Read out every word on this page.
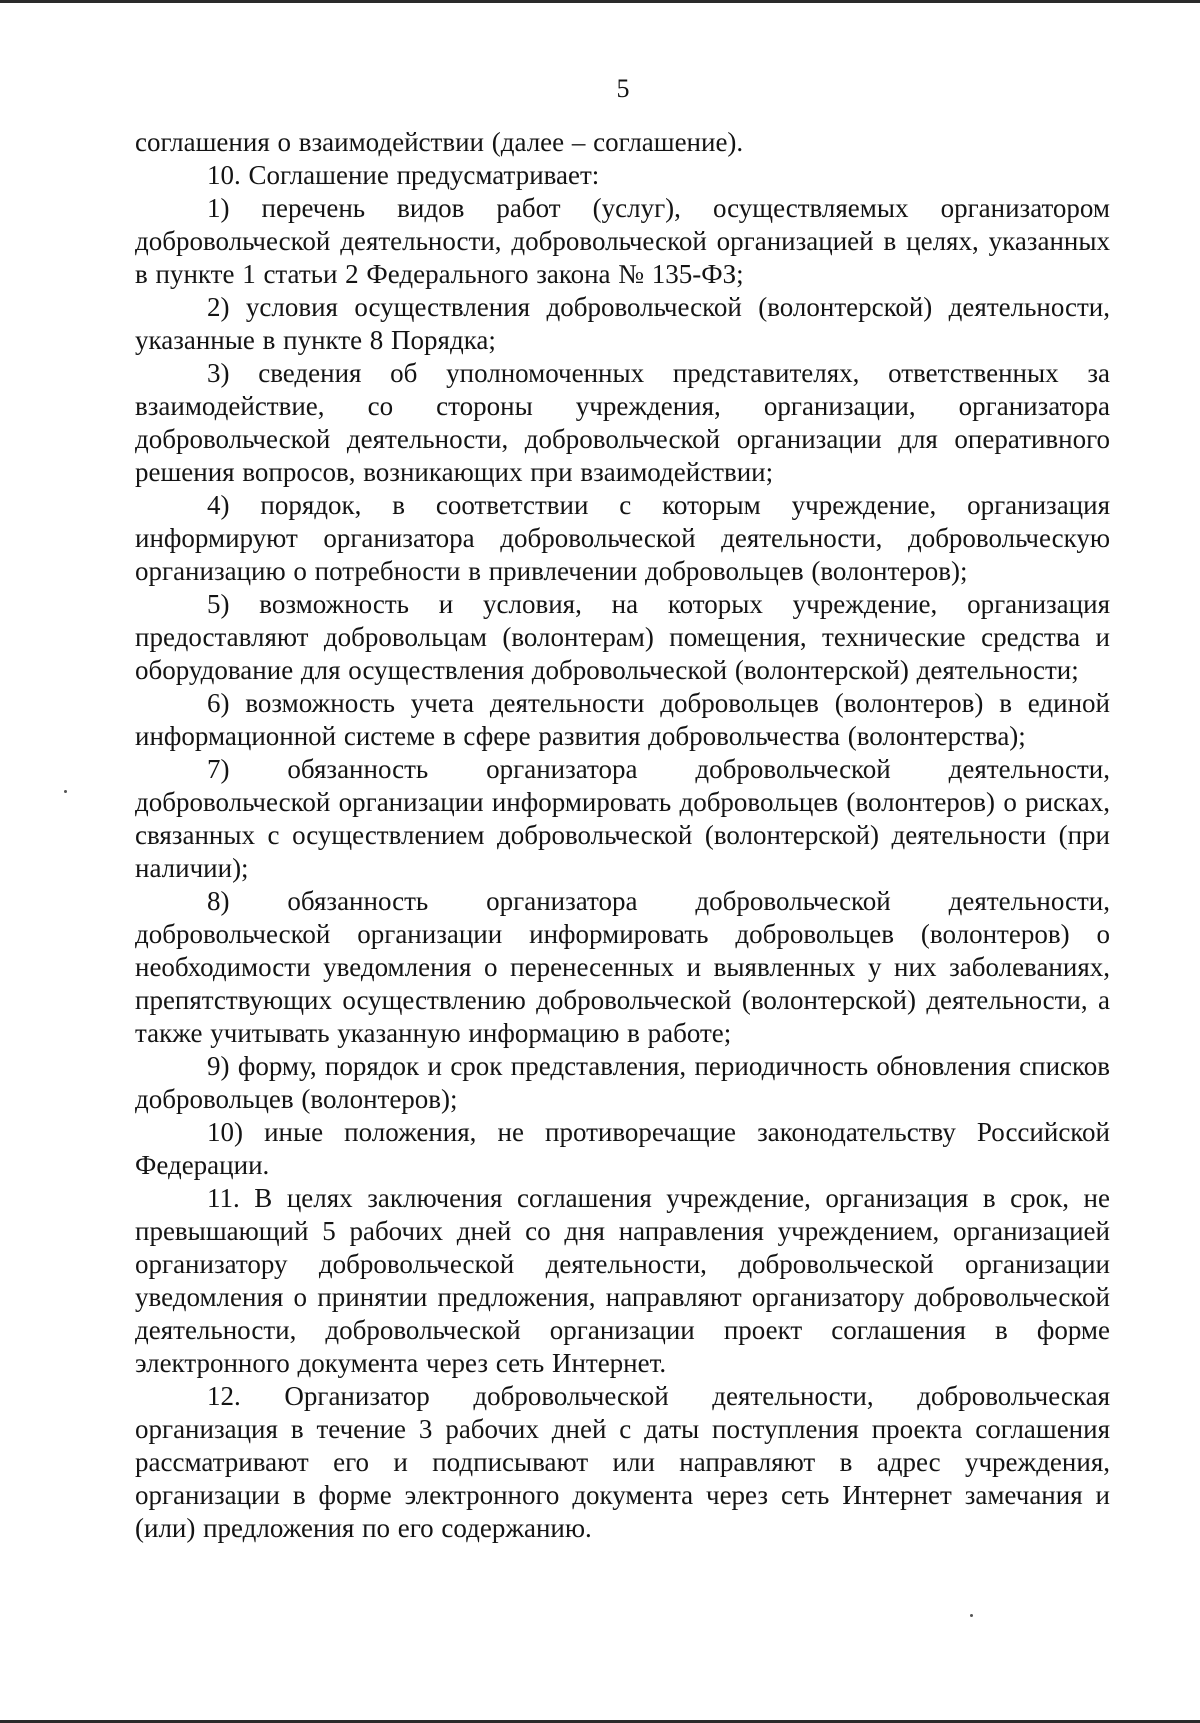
5

соглашения о взаимодействии (далее – соглашение).

10. Соглашение предусматривает:

1) перечень видов работ (услуг), осуществляемых организатором добровольческой деятельности, добровольческой организацией в целях, указанных в пункте 1 статьи 2 Федерального закона № 135-ФЗ;

2) условия осуществления добровольческой (волонтерской) деятельности, указанные в пункте 8 Порядка;

3) сведения об уполномоченных представителях, ответственных за взаимодействие, со стороны учреждения, организации, организатора добровольческой деятельности, добровольческой организации для оперативного решения вопросов, возникающих при взаимодействии;

4) порядок, в соответствии с которым учреждение, организация информируют организатора добровольческой деятельности, добровольческую организацию о потребности в привлечении добровольцев (волонтеров);

5) возможность и условия, на которых учреждение, организация предоставляют добровольцам (волонтерам) помещения, технические средства и оборудование для осуществления добровольческой (волонтерской) деятельности;

6) возможность учета деятельности добровольцев (волонтеров) в единой информационной системе в сфере развития добровольчества (волонтерства);

7) обязанность организатора добровольческой деятельности, добровольческой организации информировать добровольцев (волонтеров) о рисках, связанных с осуществлением добровольческой (волонтерской) деятельности (при наличии);

8) обязанность организатора добровольческой деятельности, добровольческой организации информировать добровольцев (волонтеров) о необходимости уведомления о перенесенных и выявленных у них заболеваниях, препятствующих осуществлению добровольческой (волонтерской) деятельности, а также учитывать указанную информацию в работе;

9) форму, порядок и срок представления, периодичность обновления списков добровольцев (волонтеров);

10) иные положения, не противоречащие законодательству Российской Федерации.

11. В целях заключения соглашения учреждение, организация в срок, не превышающий 5 рабочих дней со дня направления учреждением, организацией организатору добровольческой деятельности, добровольческой организации уведомления о принятии предложения, направляют организатору добровольческой деятельности, добровольческой организации проект соглашения в форме электронного документа через сеть Интернет.

12. Организатор добровольческой деятельности, добровольческая организация в течение 3 рабочих дней с даты поступления проекта соглашения рассматривают его и подписывают или направляют в адрес учреждения, организации в форме электронного документа через сеть Интернет замечания и (или) предложения по его содержанию.
